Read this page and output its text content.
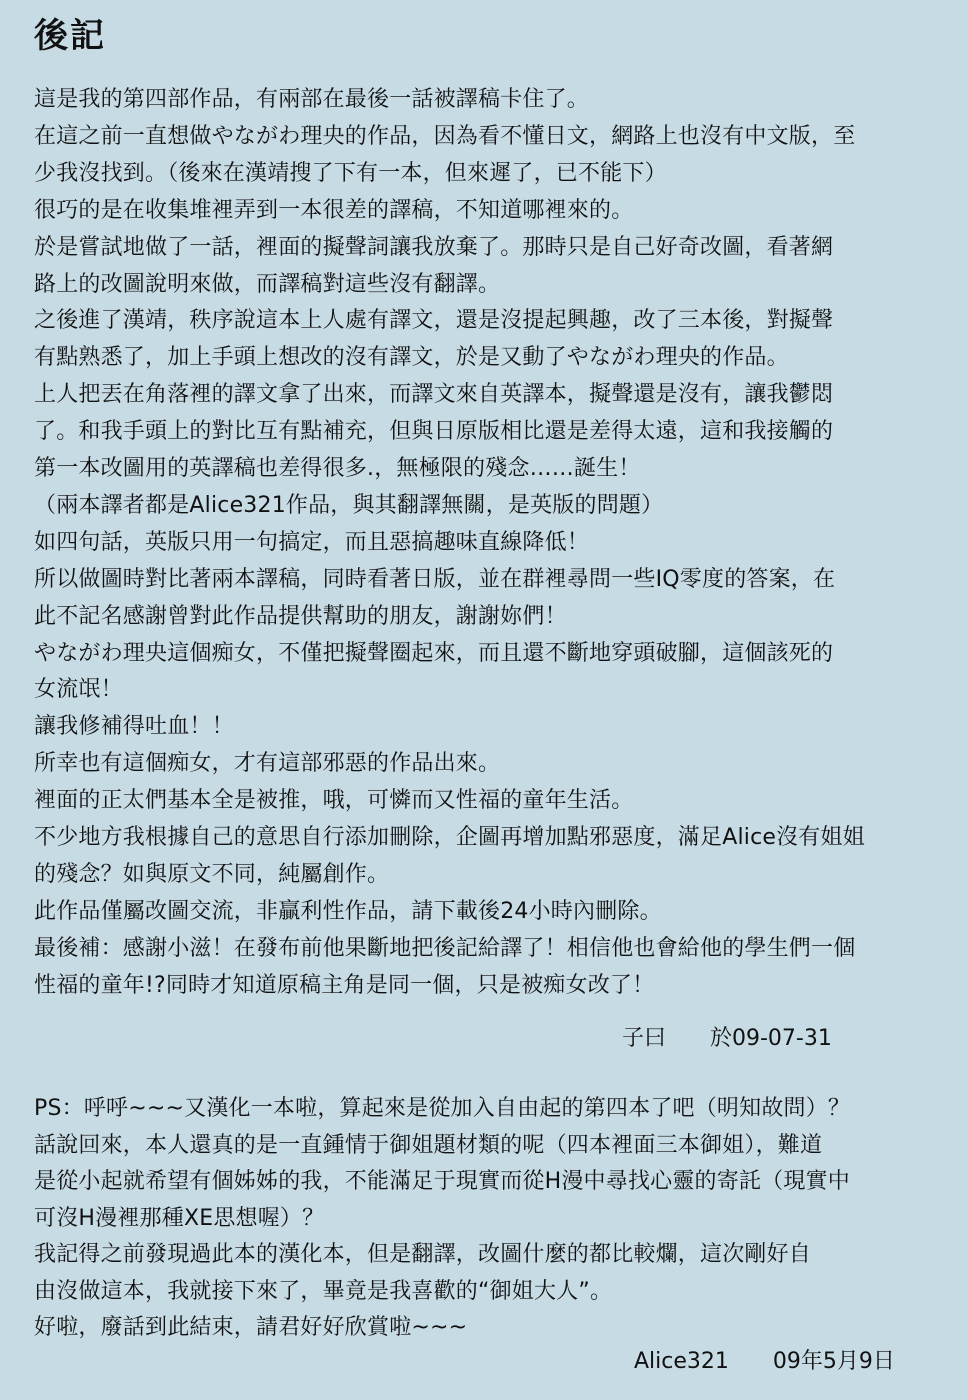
後記
這是我的第四部作品，有兩部在最後一話被譯稿卡住了。
在這之前一直想做やながわ理央的作品，因為看不懂日文，網路上也沒有中文版，至
少我沒找到。（後來在漢靖搜了下有一本，但來遲了，已不能下）
很巧的是在收集堆裡弄到一本很差的譯稿，不知道哪裡來的。
於是嘗試地做了一話，裡面的擬聲詞讓我放棄了。那時只是自己好奇改圖，看著網
路上的改圖說明來做，而譯稿對這些沒有翻譯。
之後進了漢靖，秩序說這本上人處有譯文，還是沒提起興趣，改了三本後，對擬聲
有點熟悉了，加上手頭上想改的沒有譯文，於是又動了やながわ理央的作品。
上人把丟在角落裡的譯文拿了出來，而譯文來自英譯本，擬聲還是沒有，讓我鬱悶
了。和我手頭上的對比互有點補充，但與日原版相比還是差得太遠，這和我接觸的
第一本改圖用的英譯稿也差得很多.，無極限的殘念……誕生！
（兩本譯者都是Alice321作品，與其翻譯無關，是英版的問題）
如四句話，英版只用一句搞定，而且惡搞趣味直線降低！
所以做圖時對比著兩本譯稿，同時看著日版，並在群裡尋問一些IQ零度的答案，在
此不記名感謝曾對此作品提供幫助的朋友，謝謝妳們！
やながわ理央這個痴女，不僅把擬聲圈起來，而且還不斷地穿頭破腳，這個該死的
女流氓！
讓我修補得吐血！！
所幸也有這個痴女，才有這部邪惡的作品出來。
裡面的正太們基本全是被推，哦，可憐而又性福的童年生活。
不少地方我根據自己的意思自行添加刪除，企圖再增加點邪惡度，滿足Alice沒有姐姐
的殘念？如與原文不同，純屬創作。
此作品僅屬改圖交流，非贏利性作品，請下載後24小時內刪除。
最後補：感謝小滋！在發布前他果斷地把後記給譯了！相信他也會給他的學生們一個
性福的童年!?同時才知道原稿主角是同一個，只是被痴女改了！
子曰　　於09-07-31
PS：呼呼~~~又漢化一本啦，算起來是從加入自由起的第四本了吧（明知故問）？
話說回來，本人還真的是一直鍾情于御姐題材類的呢（四本裡面三本御姐），難道
是從小起就希望有個姊姊的我，不能滿足于現實而從H漫中尋找心靈的寄託（現實中
可沒H漫裡那種XE思想喔）？
我記得之前發現過此本的漢化本，但是翻譯，改圖什麼的都比較爛，這次剛好自
由沒做這本，我就接下來了，畢竟是我喜歡的“御姐大人”。
好啦，廢話到此結束，請君好好欣賞啦~~~
Alice321　　09年5月9日
